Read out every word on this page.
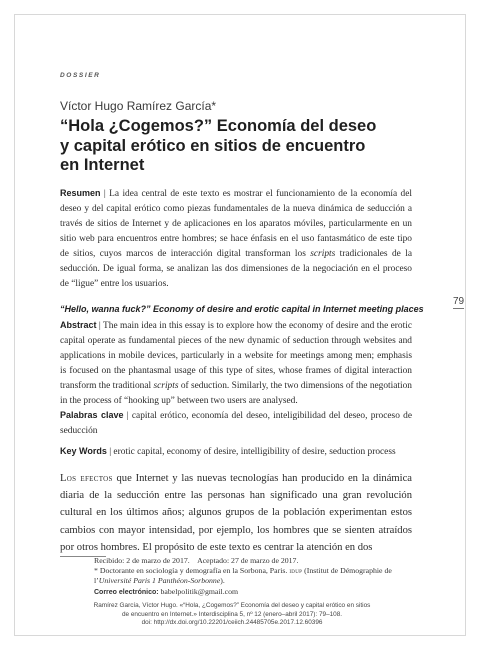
DOSSIER
Víctor Hugo Ramírez García*
“Hola ¿Cogemos?” Economía del deseo y capital erótico en sitios de encuentro en Internet

Resumen | La idea central de este texto es mostrar el funcionamiento de la economía del deseo y del capital erótico como piezas fundamentales de la nueva dinámica de seducción a través de sitios de Internet y de aplicaciones en los aparatos móviles, particularmente en un sitio web para encuentros entre hombres; se hace énfasis en el uso fantasmático de este tipo de sitios, cuyos marcos de interacción digital transforman los scripts tradicionales de la seducción. De igual forma, se analizan las dos dimensiones de la negociación en el proceso de “ligue” entre los usuarios.

79
“Hello, wanna fuck?” Economy of desire and erotic capital in Internet meeting places

Abstract | The main idea in this essay is to explore how the economy of desire and the erotic capital operate as fundamental pieces of the new dynamic of seduction through websites and applications in mobile devices, particularly in a website for meetings among men; emphasis is focused on the phantasmal usage of this type of sites, whose frames of digital interaction transform the traditional scripts of seduction. Similarly, the two dimensions of the negotiation in the process of “hooking up” between two users are analysed.

Palabras clave | capital erótico, economía del deseo, inteligibilidad del deseo, proceso de seducción

Key Words | erotic capital, economy of desire, intelligibility of desire, seduction process

Los efectos que Internet y las nuevas tecnologías han producido en la dinámica diaria de la seducción entre las personas han significado una gran revolución cultural en los últimos años; algunos grupos de la población experimentan estos cambios con mayor intensidad, por ejemplo, los hombres que se sienten atraídos por otros hombres. El propósito de este texto es centrar la atención en dos

Recibido: 2 de marzo de 2017.    Aceptado: 27 de marzo de 2017.
* Doctorante en sociología y demografía en la Sorbona, Paris. idup (Institut de Démographie de l’Université Paris 1 Panthéon-Sorbonne).
Correo electrónico: babelpolitik@gmail.com
Ramírez García, Víctor Hugo. «“Hola, ¿Cogemos?” Economía del deseo y capital erótico en sitios
de encuentro en Internet.» Interdisciplina 5, nº 12 (enero–abril 2017): 79–108.
doi: http://dx.doi.org/10.22201/ceiich.24485705e.2017.12.60396
